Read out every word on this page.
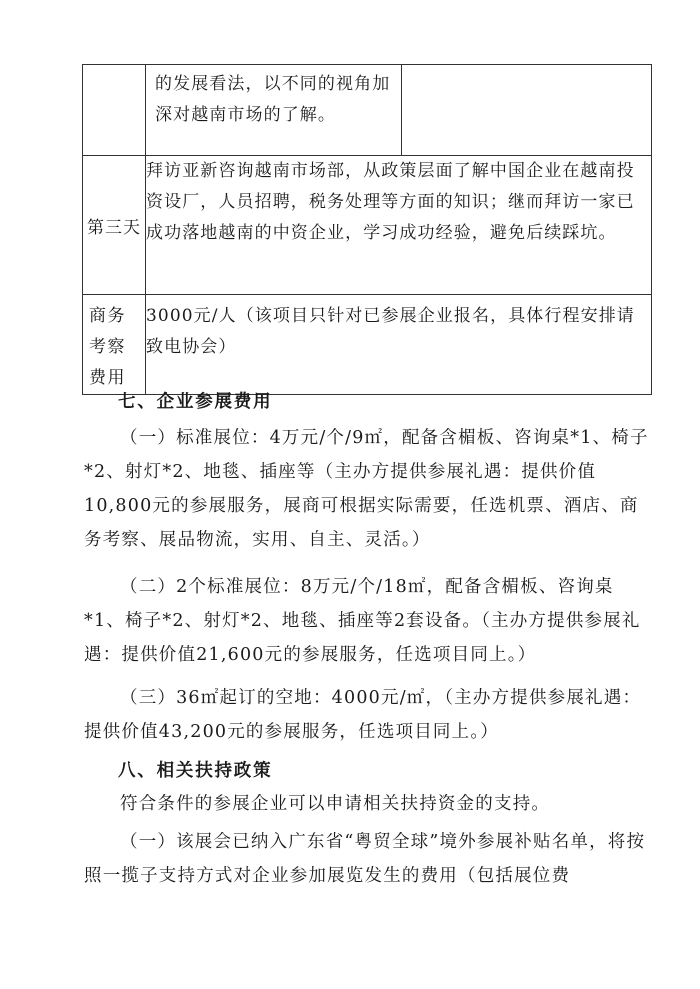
	的发展看法，以不同的视角加深对越南市场的了解。

第三天	拜访亚新咨询越南市场部，从政策层面了解中国企业在越南投资设厂，人员招聘，税务处理等方面的知识；继而拜访一家已成功落地越南的中资企业，学习成功经验，避免后续踩坑。

商务考察费用	3000元/人（该项目只针对已参展企业报名，具体行程安排请致电协会）

七、企业参展费用

（一）标准展位：4万元/个/9㎡，配备含楣板、咨询桌*1、椅子*2、射灯*2、地毯、插座等（主办方提供参展礼遇：提供价值10,800元的参展服务，展商可根据实际需要，任选机票、酒店、商务考察、展品物流，实用、自主、灵活。）

（二）2个标准展位：8万元/个/18㎡，配备含楣板、咨询桌*1、椅子*2、射灯*2、地毯、插座等2套设备。（主办方提供参展礼遇：提供价值21,600元的参展服务，任选项目同上。）

（三）36㎡起订的空地：4000元/㎡，（主办方提供参展礼遇：提供价值43,200元的参展服务，任选项目同上。）

八、相关扶持政策

符合条件的参展企业可以申请相关扶持资金的支持。

（一）该展会已纳入广东省“粤贸全球”境外参展补贴名单，将按照一揽子支持方式对企业参加展览发生的费用（包括展位费
